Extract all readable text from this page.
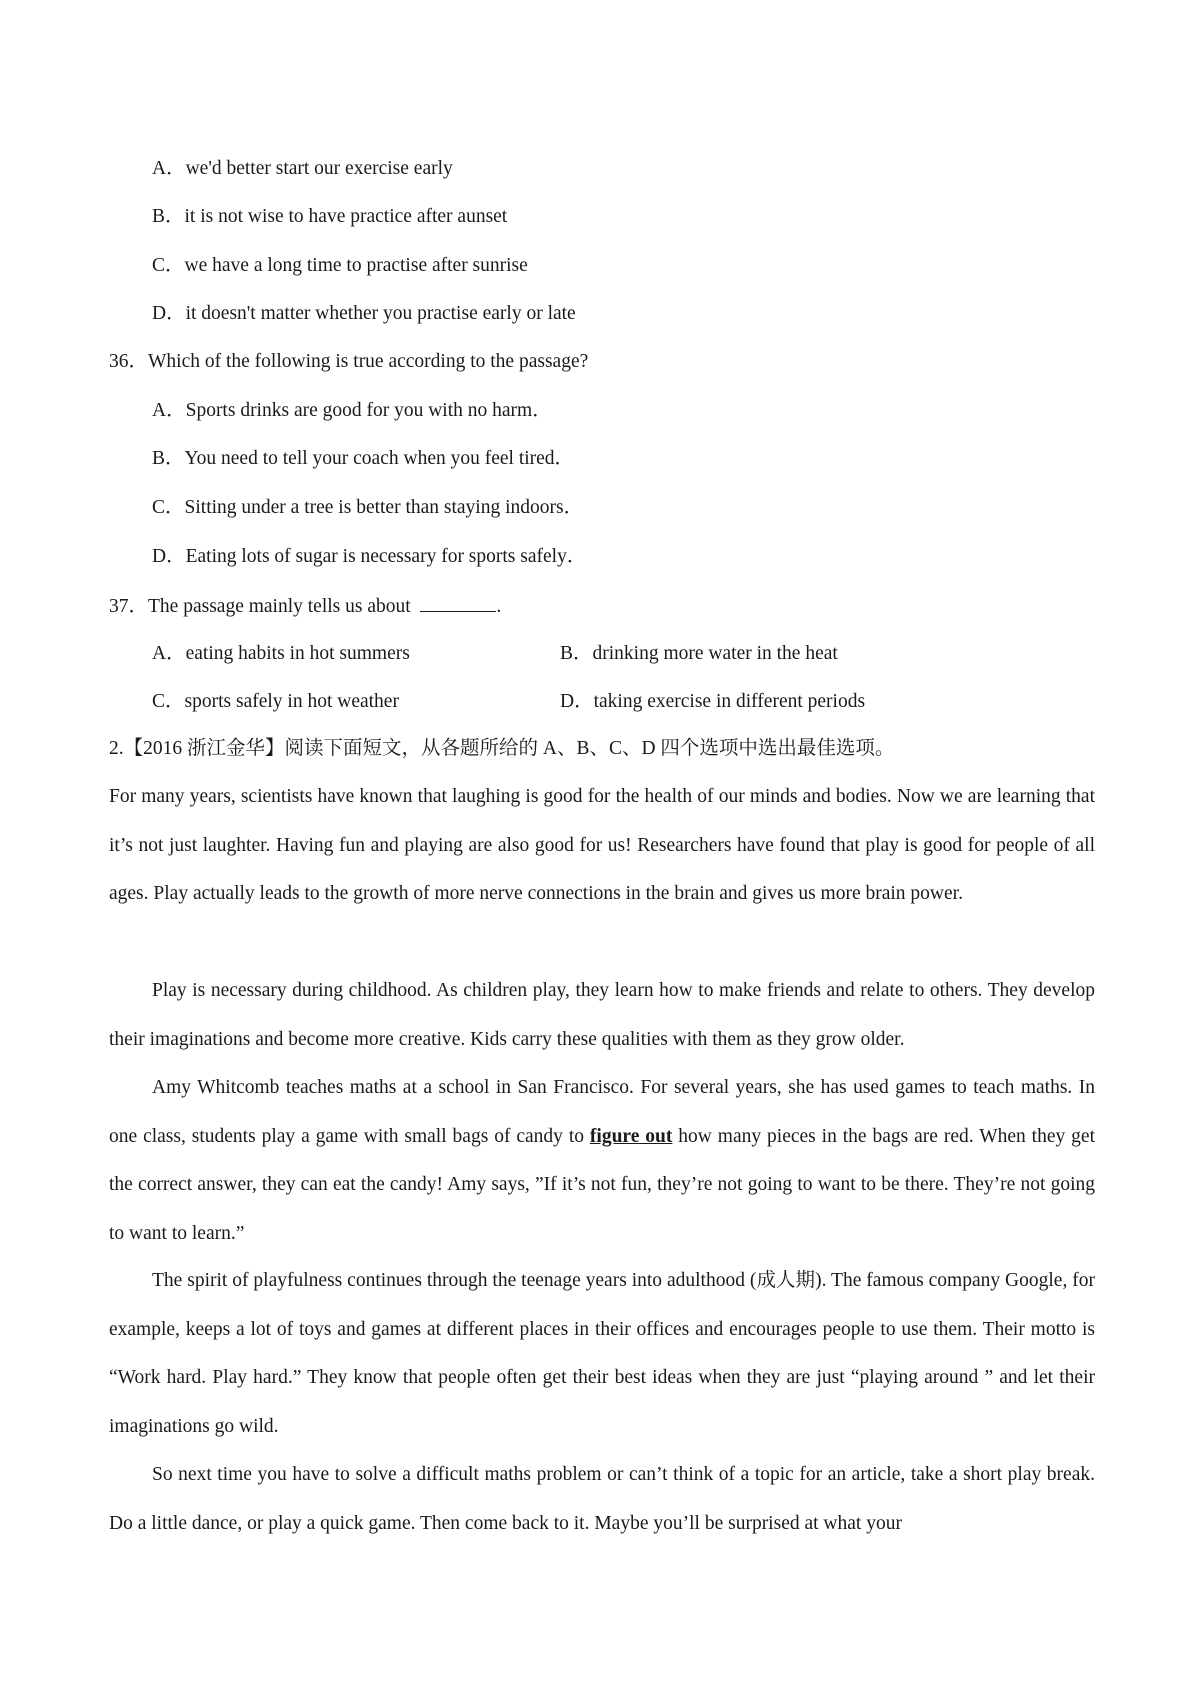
A．we'd better start our exercise early
B．it is not wise to have practice after aunset
C．we have a long time to practise after sunrise
D．it doesn't matter whether you practise early or late
36．Which of the following is true according to the passage?
A．Sports drinks are good for you with no harm．
B．You need to tell your coach when you feel tired．
C．Sitting under a tree is better than staying indoors．
D．Eating lots of sugar is necessary for sports safely．
37．The passage mainly tells us about	.
A．eating habits in hot summers	B．drinking more water in the heat
C．sports safely in hot weather	D．taking exercise in different periods
2.【2016 浙江金华】阅读下面短文，从各题所给的 A、B、C、D 四个选项中选出最佳选项。
For many years, scientists have known that laughing is good for the health of our minds and bodies. Now we are learning that it’s not just laughter. Having fun and playing are also good for us! Researchers have found that play is good for people of all ages. Play actually leads to the growth of more nerve connections in the brain and gives us more brain power.
Play is necessary during childhood. As children play, they learn how to make friends and relate to others. They develop their imaginations and become more creative. Kids carry these qualities with them as they grow older.
Amy Whitcomb teaches maths at a school in San Francisco. For several years, she has used games to teach maths. In one class, students play a game with small bags of candy to figure out how many pieces in the bags are red. When they get the correct answer, they can eat the candy! Amy says, ”If it’s not fun, they’re not going to want to be there. They’re not going to want to learn.”
The spirit of playfulness continues through the teenage years into adulthood (成人期). The famous company Google, for example, keeps a lot of toys and games at different places in their offices and encourages people to use them. Their motto is “Work hard. Play hard.” They know that people often get their best ideas when they are just “playing around ” and let their imaginations go wild.
So next time you have to solve a difficult maths problem or can’t think of a topic for an article, take a short play break. Do a little dance, or play a quick game. Then come back to it. Maybe you’ll be surprised at what your
